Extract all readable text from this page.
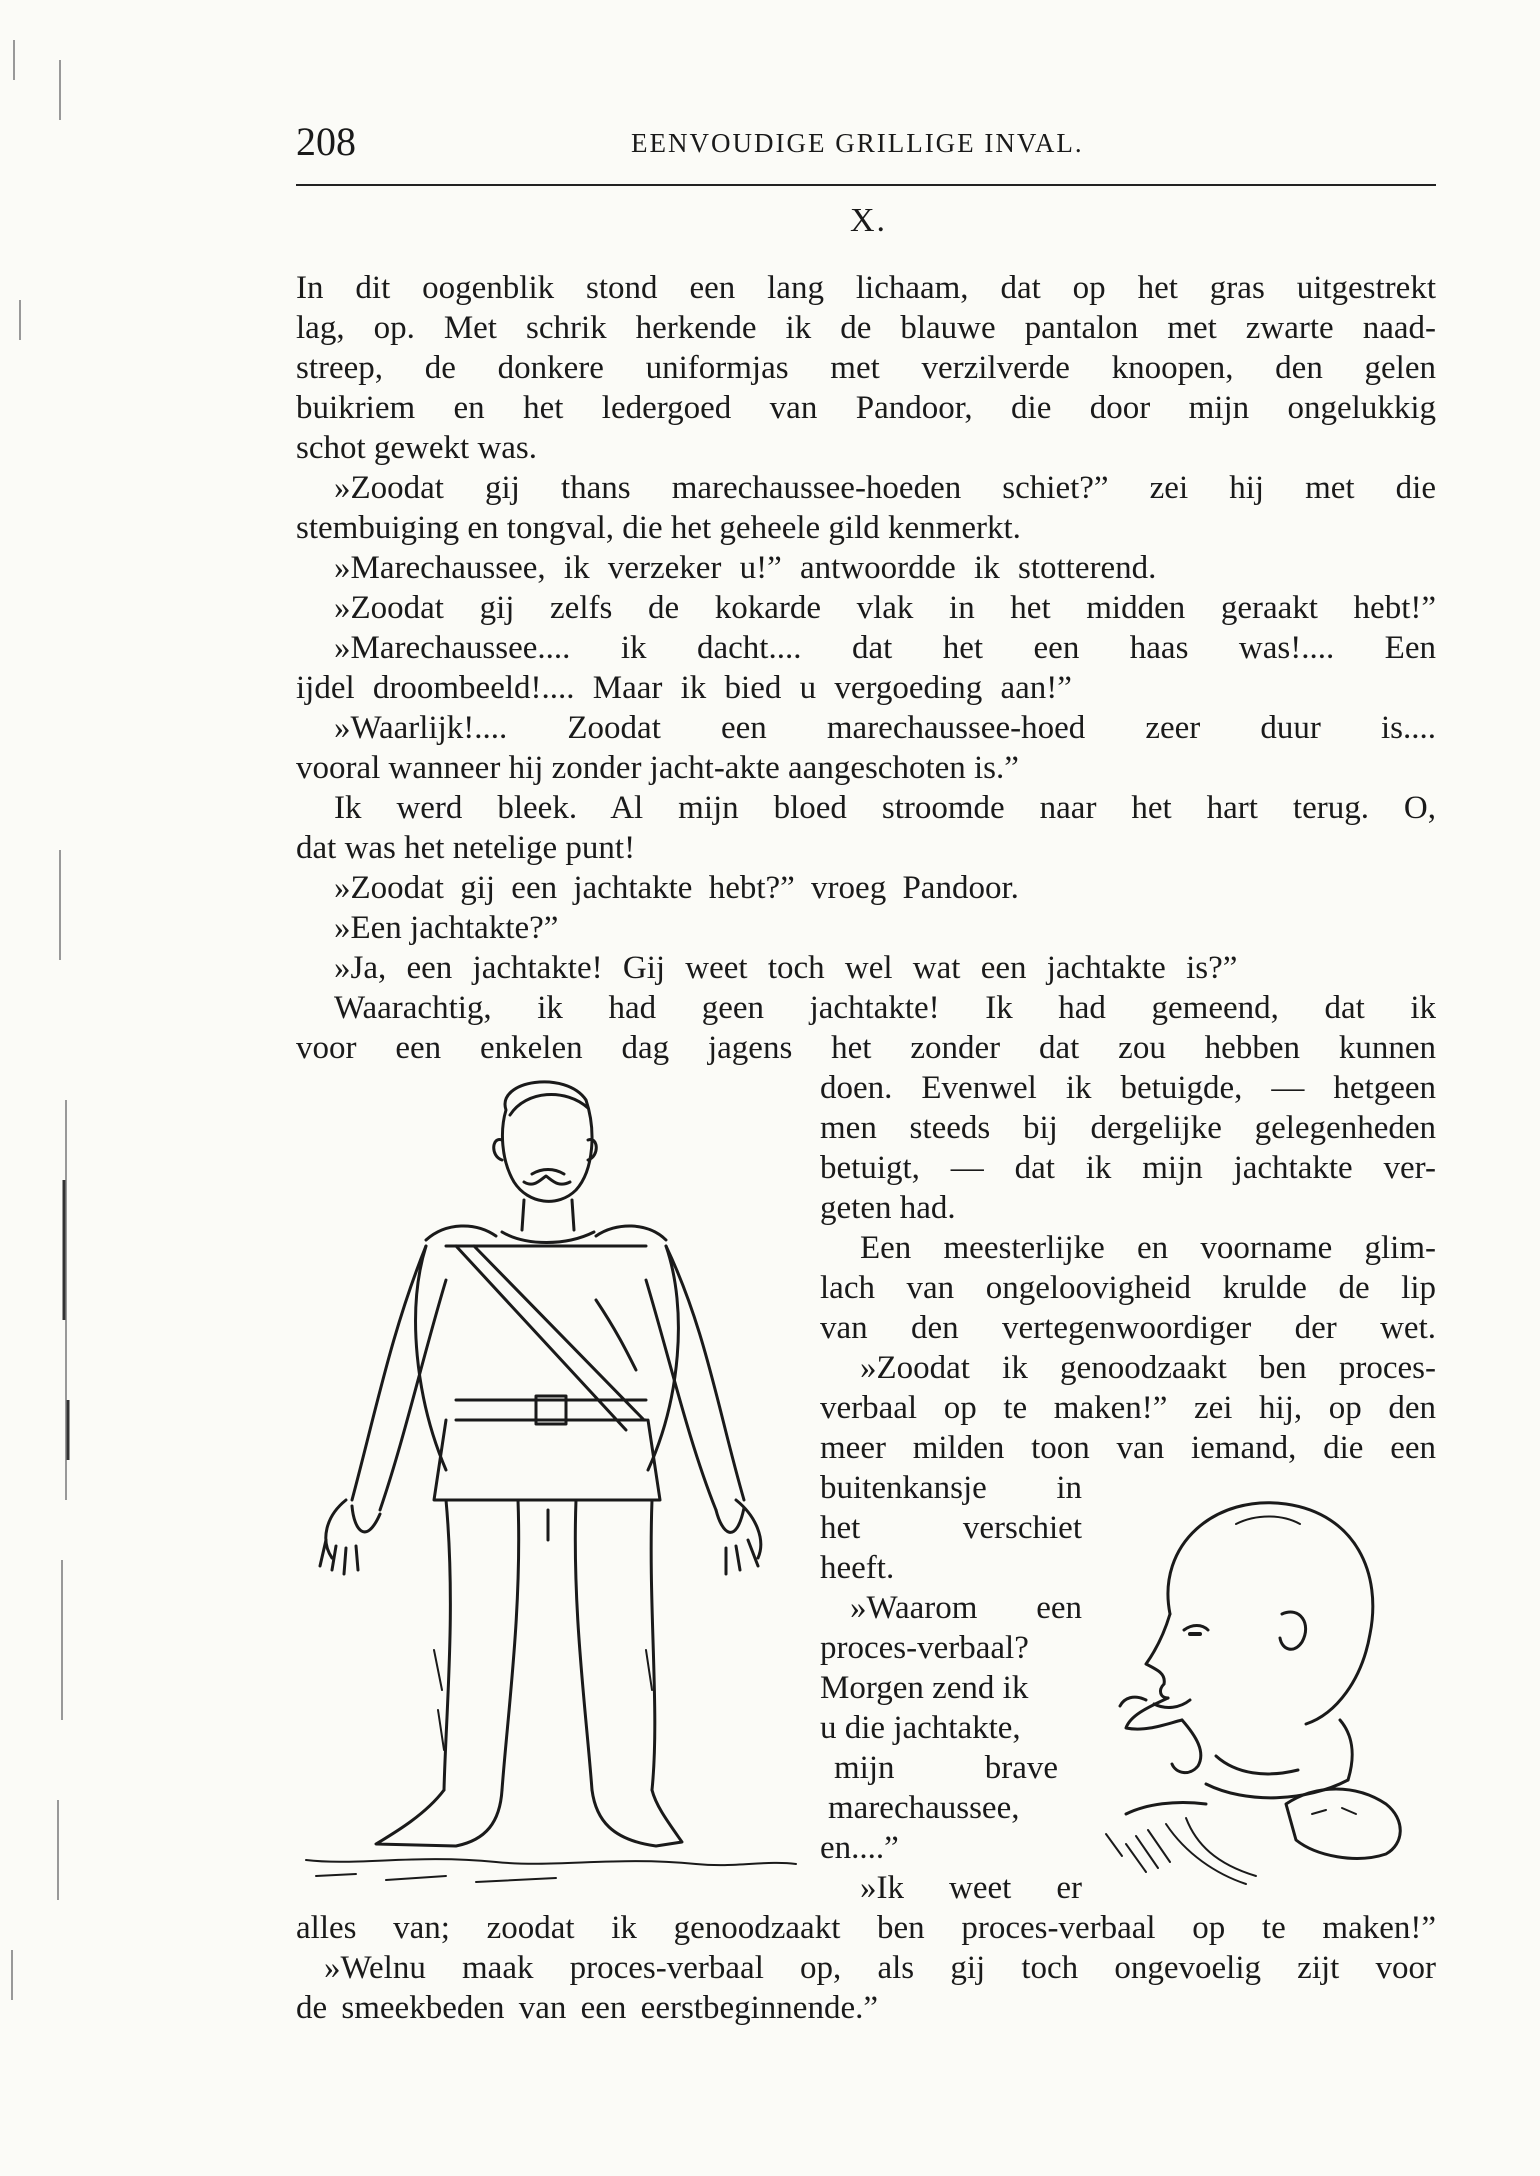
208	EENVOUDIGE GRILLIGE INVAL.
X.
In dit oogenblik stond een lang lichaam, dat op het gras uitgestrekt
lag, op. Met schrik herkende ik de blauwe pantalon met zwarte naad-
streep, de donkere uniformjas met verzilverde knoopen, den gelen
buikriem en het ledergoed van Pandoor, die door mijn ongelukkig
schot gewekt was.
»Zoodat gij thans marechaussee-hoeden schiet?” zei hij met die
stembuiging en tongval, die het geheele gild kenmerkt.
»Marechaussee, ik verzeker u!” antwoordde ik stotterend.
»Zoodat gij zelfs de kokarde vlak in het midden geraakt hebt!”
»Marechaussee.... ik dacht.... dat het een haas was!.... Een
ijdel droombeeld!.... Maar ik bied u vergoeding aan!”
»Waarlijk!.... Zoodat een marechaussee-hoed zeer duur is....
vooral wanneer hij zonder jacht-akte aangeschoten is.”
Ik werd bleek. Al mijn bloed stroomde naar het hart terug. O,
dat was het netelige punt!
»Zoodat gij een jachtakte hebt?” vroeg Pandoor.
»Een jachtakte?”
»Ja, een jachtakte! Gij weet toch wel wat een jachtakte is?”
Waarachtig, ik had geen jachtakte! Ik had gemeend, dat ik
voor een enkelen dag jagens het zonder dat zou hebben kunnen
doen. Evenwel ik betuigde, — hetgeen
men steeds bij dergelijke gelegenheden
betuigt, — dat ik mijn jachtakte ver-
geten had.
Een meesterlijke en voorname glim-
lach van ongeloovigheid krulde de lip
van den vertegenwoordiger der wet.
»Zoodat ik genoodzaakt ben proces-
verbaal op te maken!” zei hij, op den
meer milden toon van iemand, die een
buitenkansje in
het verschiet
heeft.
»Waarom een
proces-verbaal?
Morgen zend ik
u die jachtakte,
mijn brave
marechaussee,
en....”
»Ik weet er
alles van; zoodat ik genoodzaakt ben proces-verbaal op te maken!”
»Welnu maak proces-verbaal op, als gij toch ongevoelig zijt voor
de smeekbeden van een eerstbeginnende.”
